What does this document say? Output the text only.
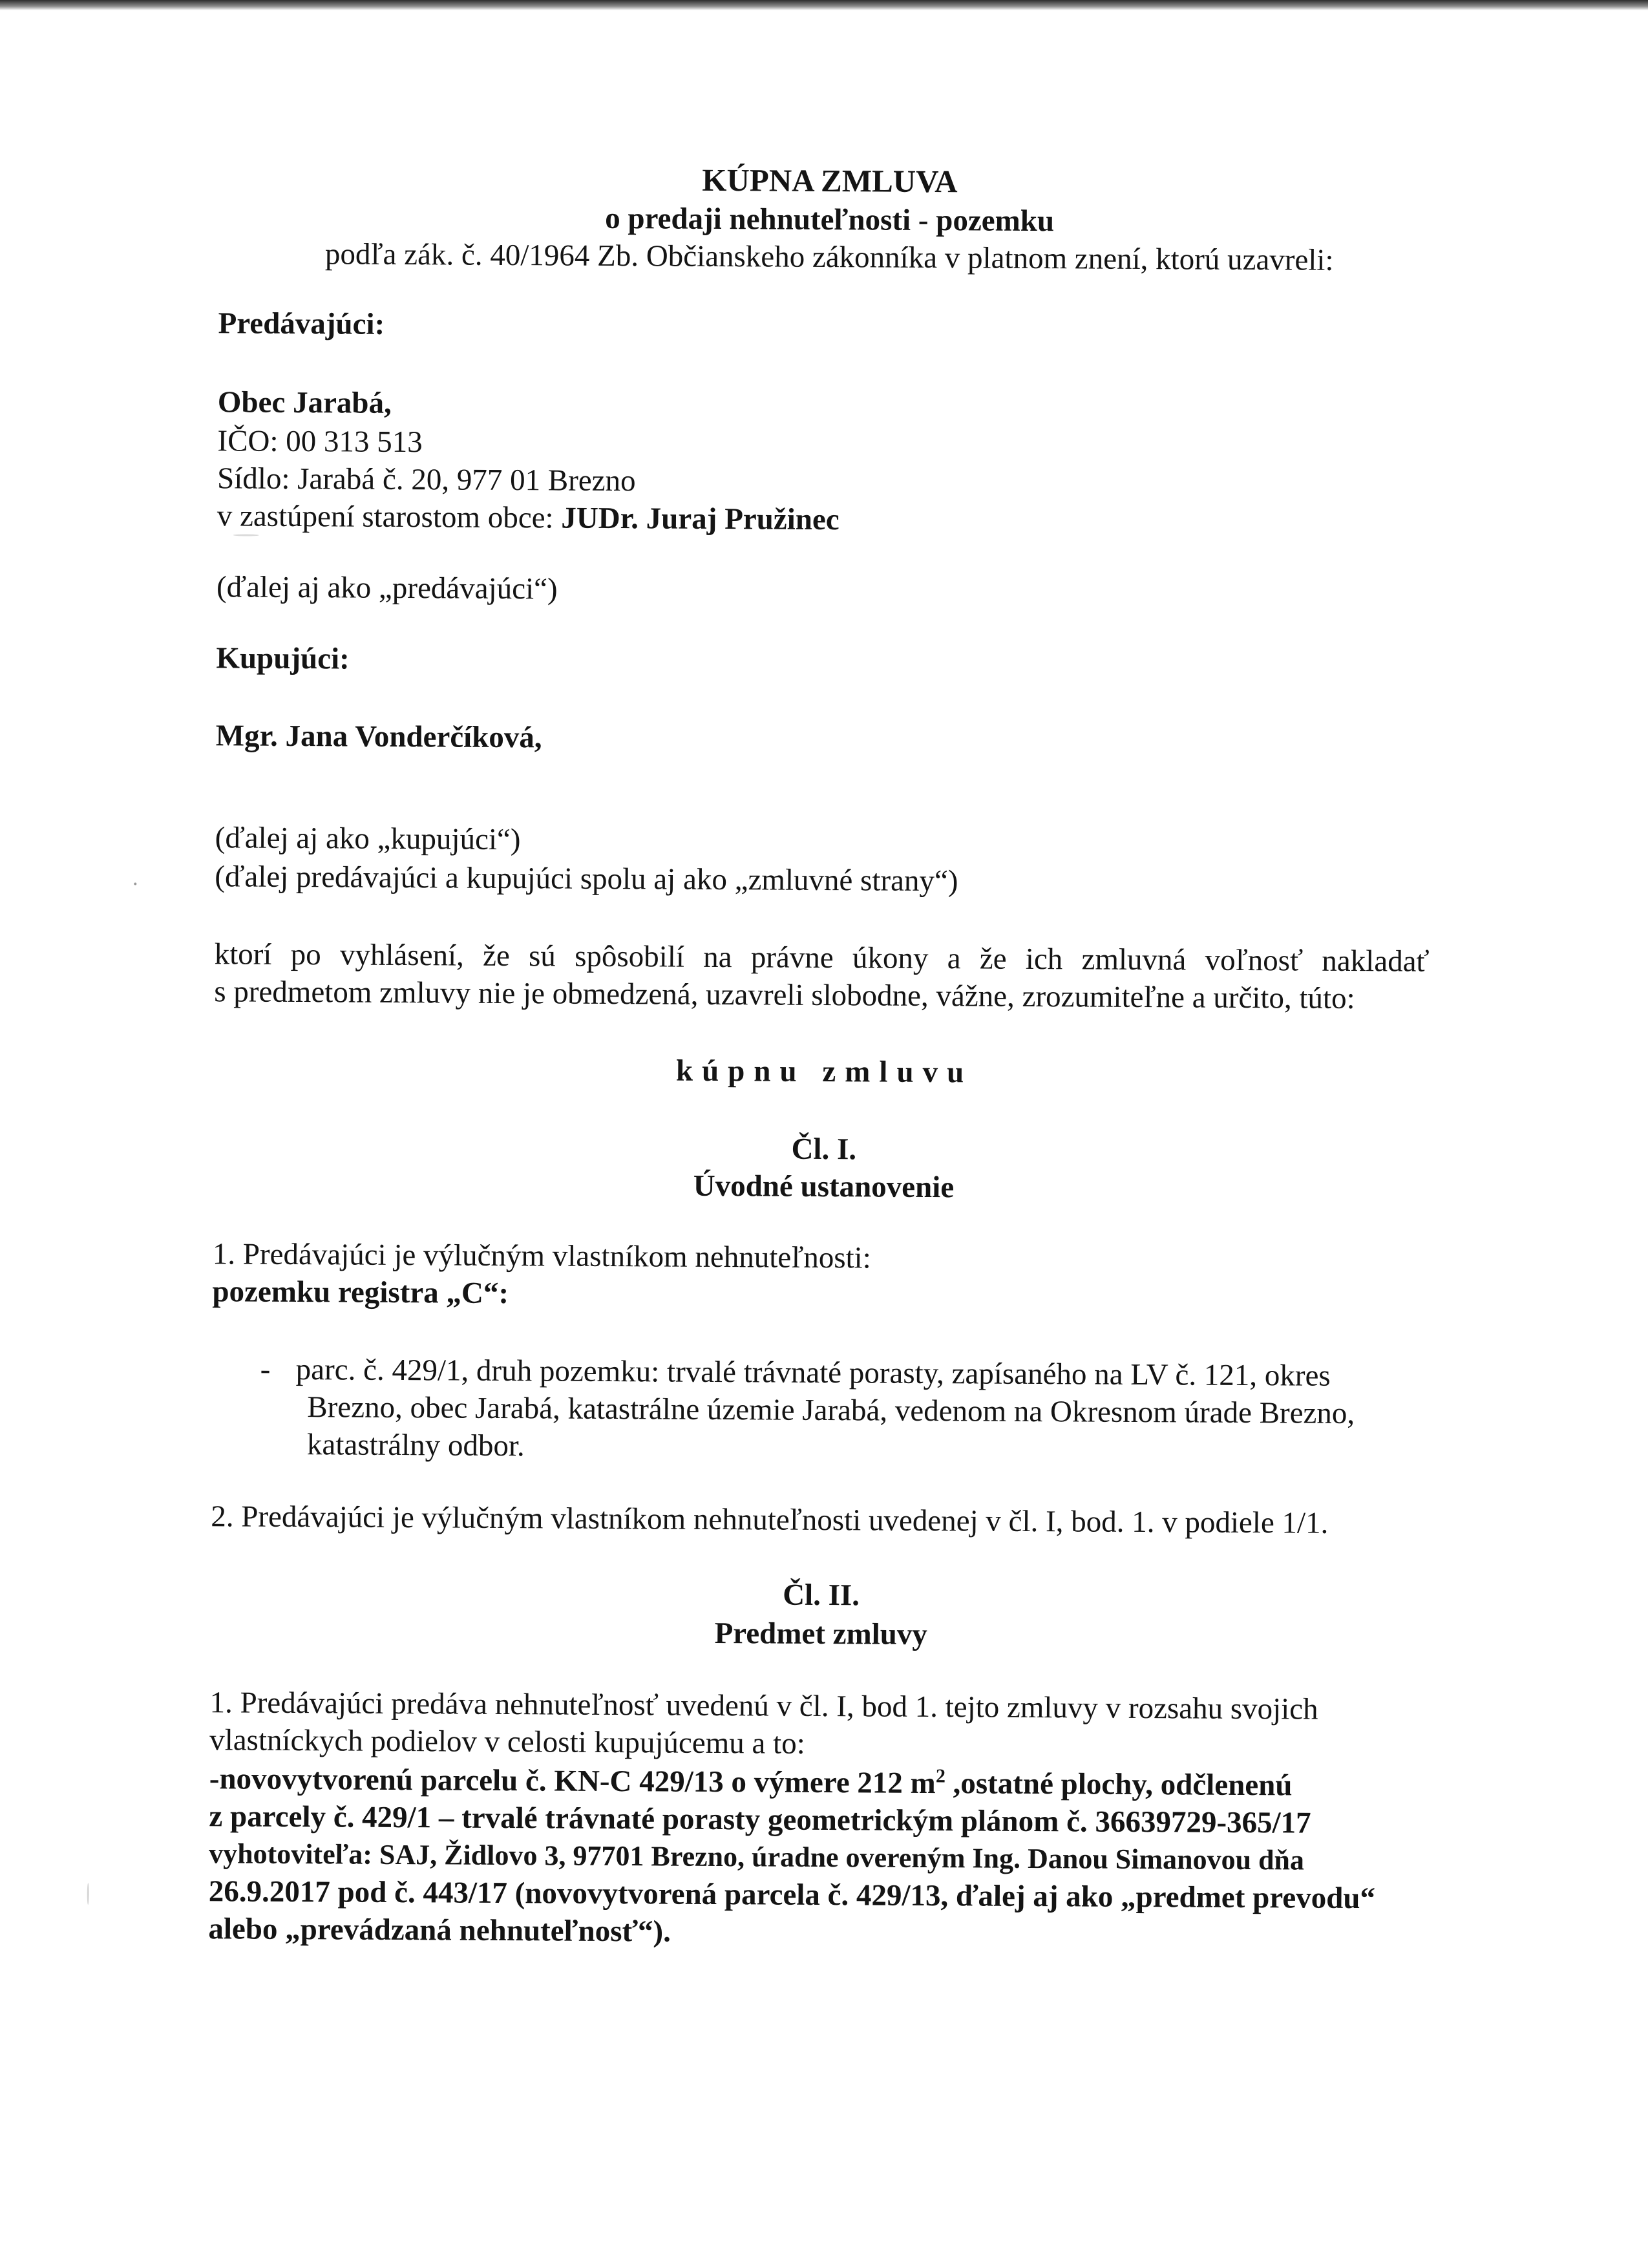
KÚPNA ZMLUVA

o predaji nehnuteľnosti - pozemku

podľa zák. č. 40/1964 Zb. Občianskeho zákonníka v platnom znení, ktorú uzavreli:

Predávajúci:

Obec Jarabá,

IČO: 00 313 513

Sídlo: Jarabá č. 20, 977 01 Brezno

v zastúpení starostom obce: JUDr. Juraj Pružinec

(ďalej aj ako „predávajúci“)

Kupujúci:

Mgr. Jana Vonderčíková,

(ďalej aj ako „kupujúci“)

(ďalej predávajúci a kupujúci spolu aj ako „zmluvné strany“)

ktorí po vyhlásení, že sú spôsobilí na právne úkony a že ich zmluvná voľnosť nakladať

s predmetom zmluvy nie je obmedzená, uzavreli slobodne, vážne, zrozumiteľne a určito, túto:

kúpnu zmluvu

Čl. I.

Úvodné ustanovenie

1. Predávajúci je výlučným vlastníkom nehnuteľnosti:

pozemku registra „C“:

- parc. č. 429/1, druh pozemku: trvalé trávnaté porasty, zapísaného na LV č. 121, okres

Brezno, obec Jarabá, katastrálne územie Jarabá, vedenom na Okresnom úrade Brezno,

katastrálny odbor.

2. Predávajúci je výlučným vlastníkom nehnuteľnosti uvedenej v čl. I, bod. 1. v podiele 1/1.

Čl. II.

Predmet zmluvy

1. Predávajúci predáva nehnuteľnosť uvedenú v čl. I, bod 1. tejto zmluvy v rozsahu svojich

vlastníckych podielov v celosti kupujúcemu a to:

-novovytvorenú parcelu č. KN-C 429/13 o výmere 212 $m^2$ ,ostatné plochy, odčlenenú

z parcely č. 429/1 – trvalé trávnaté porasty geometrickým plánom č. 36639729-365/17

vyhotoviteľa: SAJ, Židlovo 3, 97701 Brezno, úradne overeným Ing. Danou Simanovou dňa

26.9.2017 pod č. 443/17 (novovytvorená parcela č. 429/13, ďalej aj ako „predmet prevodu“

alebo „prevádzaná nehnuteľnosť“).
